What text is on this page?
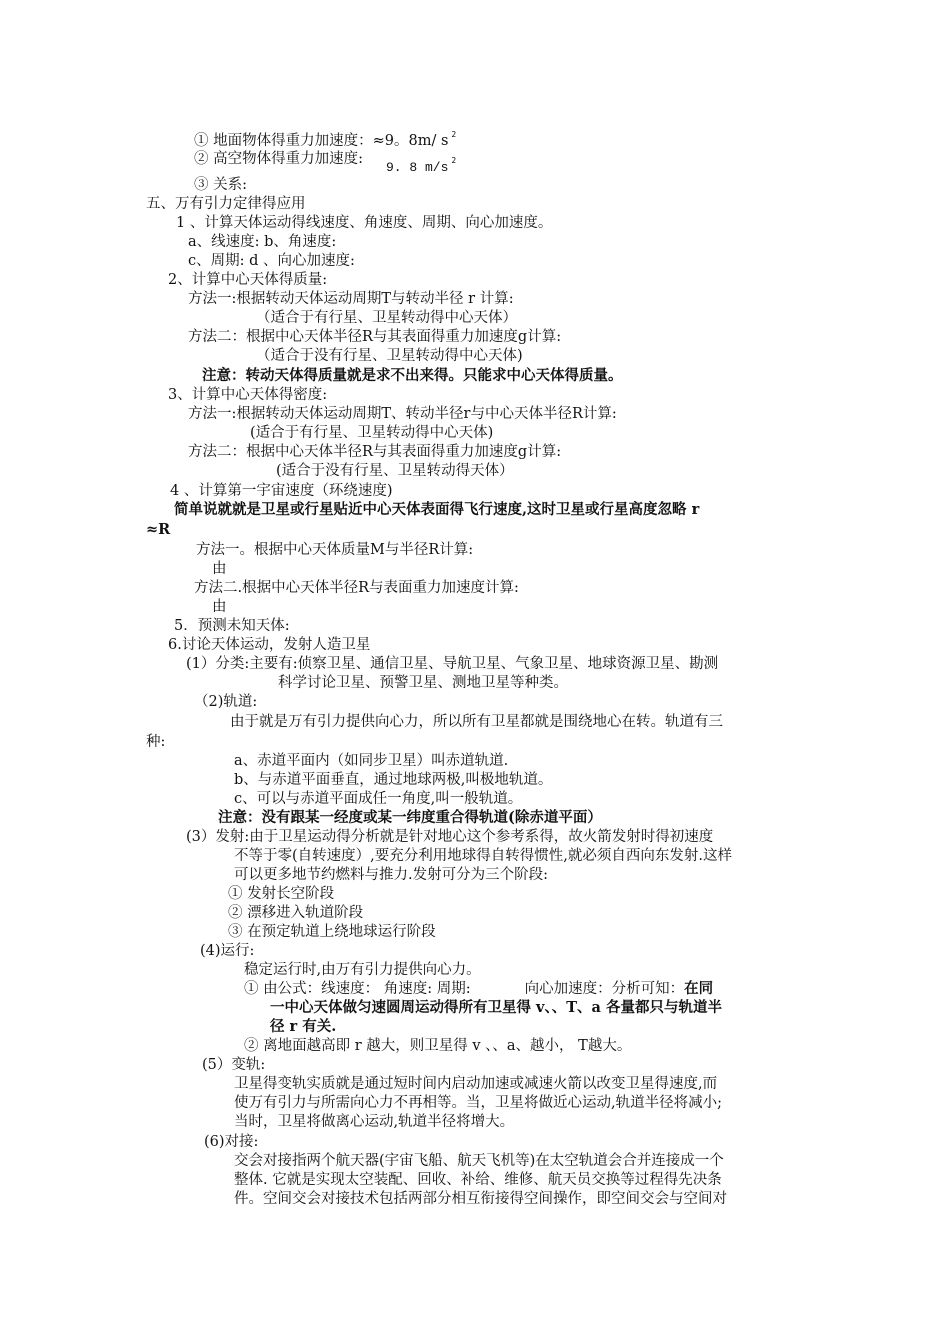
① 地面物体得重力加速度：≈9。8m/ s $^2$
② 高空物体得重力加速度:
9. 8 m/s $^2$
③ 关系:
五、万有引力定律得应用
1 、计算天体运动得线速度、角速度、周期、向心加速度。
a、线速度: b、角速度:
c、周期: d 、向心加速度:
2、计算中心天体得质量:
方法一:根据转动天体运动周期T与转动半径 r 计算:
（适合于有行星、卫星转动得中心天体）
方法二：根据中心天体半径R与其表面得重力加速度g计算:
（适合于没有行星、卫星转动得中心天体)
注意：转动天体得质量就是求不出来得。只能求中心天体得质量。
3、计算中心天体得密度:
方法一:根据转动天体运动周期T、转动半径r与中心天体半径R计算:
(适合于有行星、卫星转动得中心天体)
方法二：根据中心天体半径R与其表面得重力加速度g计算:
(适合于没有行星、卫星转动得天体）
4 、计算第一宇宙速度（环绕速度)
简单说就就是卫星或行星贴近中心天体表面得飞行速度,这时卫星或行星高度忽略 r
≈R
方法一。根据中心天体质量M与半径R计算:
由
方法二.根据中心天体半径R与表面重力加速度计算:
由
5．预测未知天体:
6.讨论天体运动，发射人造卫星
(1）分类:主要有:侦察卫星、通信卫星、导航卫星、气象卫星、地球资源卫星、勘测
科学讨论卫星、预警卫星、测地卫星等种类。
（2)轨道:
由于就是万有引力提供向心力，所以所有卫星都就是围绕地心在转。轨道有三
种:
a、赤道平面内（如同步卫星）叫赤道轨道.
b、与赤道平面垂直，通过地球两极,叫极地轨道。
c、可以与赤道平面成任一角度,叫一般轨道。
注意：没有跟某一经度或某一纬度重合得轨道(除赤道平面）
(3）发射:由于卫星运动得分析就是针对地心这个参考系得，故火箭发射时得初速度
不等于零(自转速度）,要充分利用地球得自转得惯性,就必须自西向东发射.这样
可以更多地节约燃料与推力.发射可分为三个阶段:
① 发射长空阶段
② 漂移进入轨道阶段
③ 在预定轨道上绕地球运行阶段
(4)运行:
稳定运行时,由万有引力提供向心力。
① 由公式：线速度： 角速度: 周期:	向心加速度：分析可知：在同
一中心天体做匀速圆周运动得所有卫星得 v、、T、a 各量都只与轨道半
径 r 有关.
② 离地面越高即 r 越大，则卫星得 v 、、a、越小， T越大。
(5）变轨:
卫星得变轨实质就是通过短时间内启动加速或减速火箭以改变卫星得速度,而
使万有引力与所需向心力不再相等。当，卫星将做近心运动,轨道半径将减小;
当时，卫星将做离心运动,轨道半径将增大。
(6)对接:
交会对接指两个航天器(宇宙飞船、航天飞机等)在太空轨道会合并连接成一个
整体. 它就是实现太空装配、回收、补给、维修、航天员交换等过程得先决条
件。空间交会对接技术包括两部分相互衔接得空间操作，即空间交会与空间对
